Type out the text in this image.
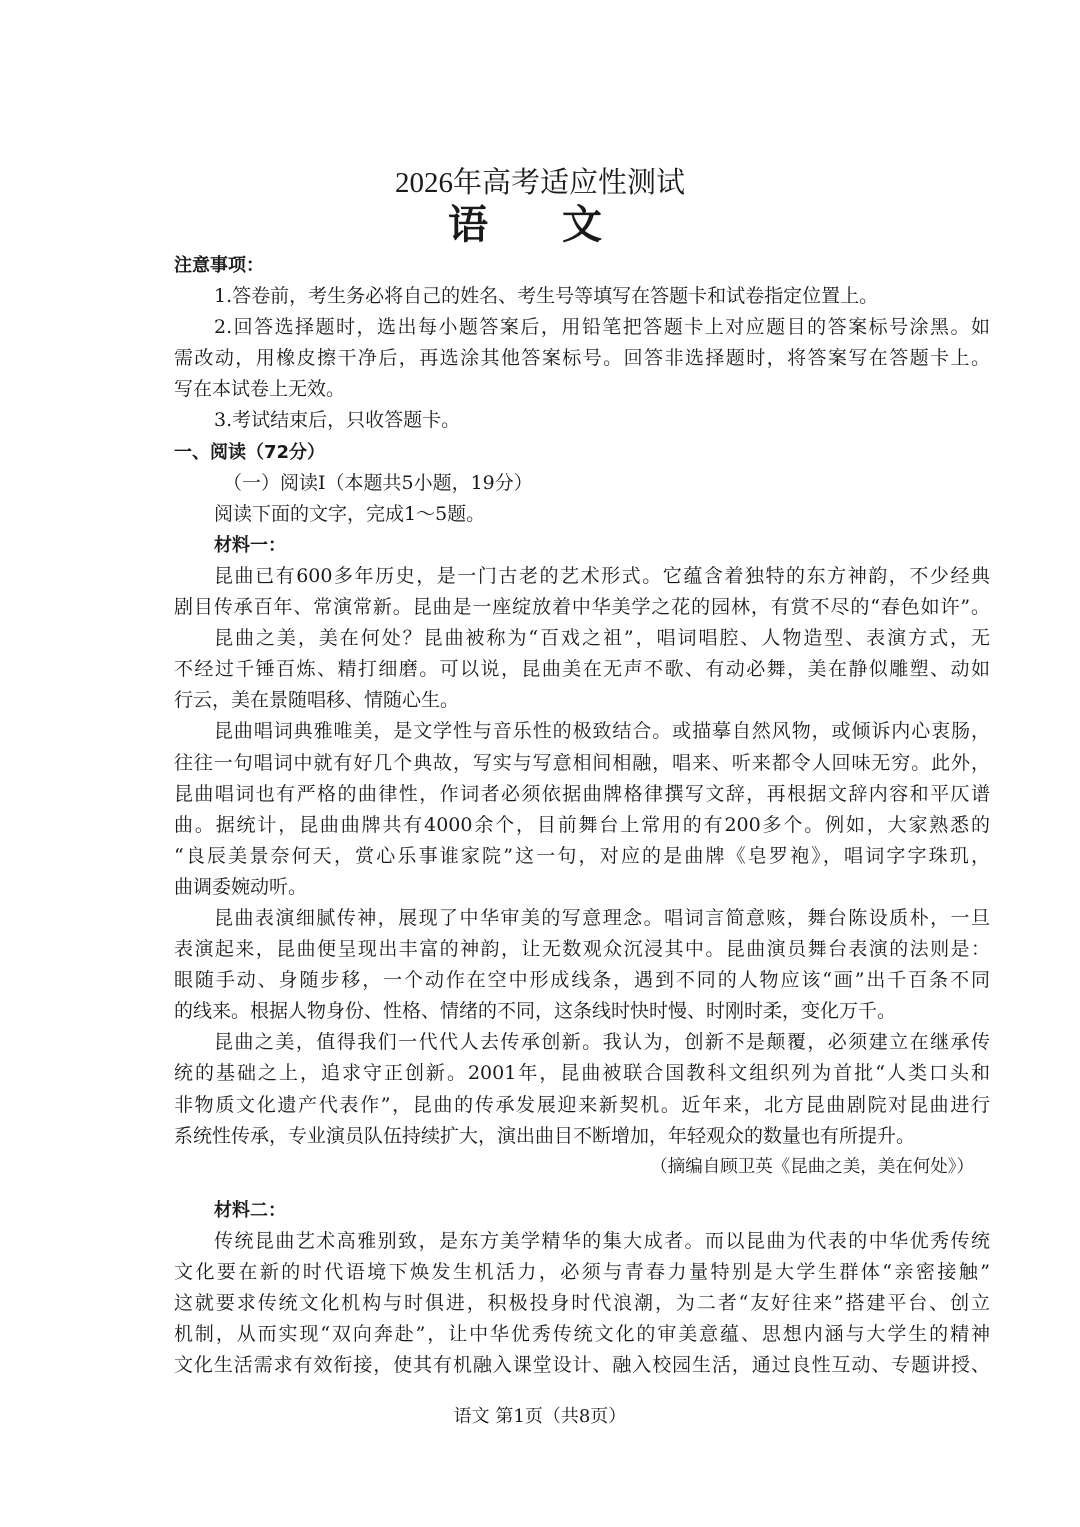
2026年高考适应性测试
语 文
注意事项：
1.答卷前，考生务必将自己的姓名、考生号等填写在答题卡和试卷指定位置上。
2.回答选择题时，选出每小题答案后，用铅笔把答题卡上对应题目的答案标号涂黑。如
需改动，用橡皮擦干净后，再选涂其他答案标号。回答非选择题时，将答案写在答题卡上。
写在本试卷上无效。
3.考试结束后，只收答题卡。
一、阅读（72分）
（一）阅读Ⅰ（本题共5小题，19分）
阅读下面的文字，完成1～5题。
材料一：
昆曲已有600多年历史，是一门古老的艺术形式。它蕴含着独特的东方神韵，不少经典
剧目传承百年、常演常新。昆曲是一座绽放着中华美学之花的园林，有赏不尽的“春色如许”。
昆曲之美，美在何处？昆曲被称为“百戏之祖”，唱词唱腔、人物造型、表演方式，无
不经过千锤百炼、精打细磨。可以说，昆曲美在无声不歌、有动必舞，美在静似雕塑、动如
行云，美在景随唱移、情随心生。
昆曲唱词典雅唯美，是文学性与音乐性的极致结合。或描摹自然风物，或倾诉内心衷肠，
往往一句唱词中就有好几个典故，写实与写意相间相融，唱来、听来都令人回味无穷。此外，
昆曲唱词也有严格的曲律性，作词者必须依据曲牌格律撰写文辞，再根据文辞内容和平仄谱
曲。据统计，昆曲曲牌共有4000余个，目前舞台上常用的有200多个。例如，大家熟悉的
“良辰美景奈何天，赏心乐事谁家院”这一句，对应的是曲牌《皂罗袍》，唱词字字珠玑，
曲调委婉动听。
昆曲表演细腻传神，展现了中华审美的写意理念。唱词言简意赅，舞台陈设质朴，一旦
表演起来，昆曲便呈现出丰富的神韵，让无数观众沉浸其中。昆曲演员舞台表演的法则是：
眼随手动、身随步移，一个动作在空中形成线条，遇到不同的人物应该“画”出千百条不同
的线来。根据人物身份、性格、情绪的不同，这条线时快时慢、时刚时柔，变化万千。
昆曲之美，值得我们一代代人去传承创新。我认为，创新不是颠覆，必须建立在继承传
统的基础之上，追求守正创新。2001年，昆曲被联合国教科文组织列为首批“人类口头和
非物质文化遗产代表作”，昆曲的传承发展迎来新契机。近年来，北方昆曲剧院对昆曲进行
系统性传承，专业演员队伍持续扩大，演出曲目不断增加，年轻观众的数量也有所提升。
（摘编自顾卫英《昆曲之美，美在何处》）
材料二：
传统昆曲艺术高雅别致，是东方美学精华的集大成者。而以昆曲为代表的中华优秀传统
文化要在新的时代语境下焕发生机活力，必须与青春力量特别是大学生群体“亲密接触”
这就要求传统文化机构与时俱进，积极投身时代浪潮，为二者“友好往来”搭建平台、创立
机制，从而实现“双向奔赴”，让中华优秀传统文化的审美意蕴、思想内涵与大学生的精神
文化生活需求有效衔接，使其有机融入课堂设计、融入校园生活，通过良性互动、专题讲授、
语文 第1页（共8页）
